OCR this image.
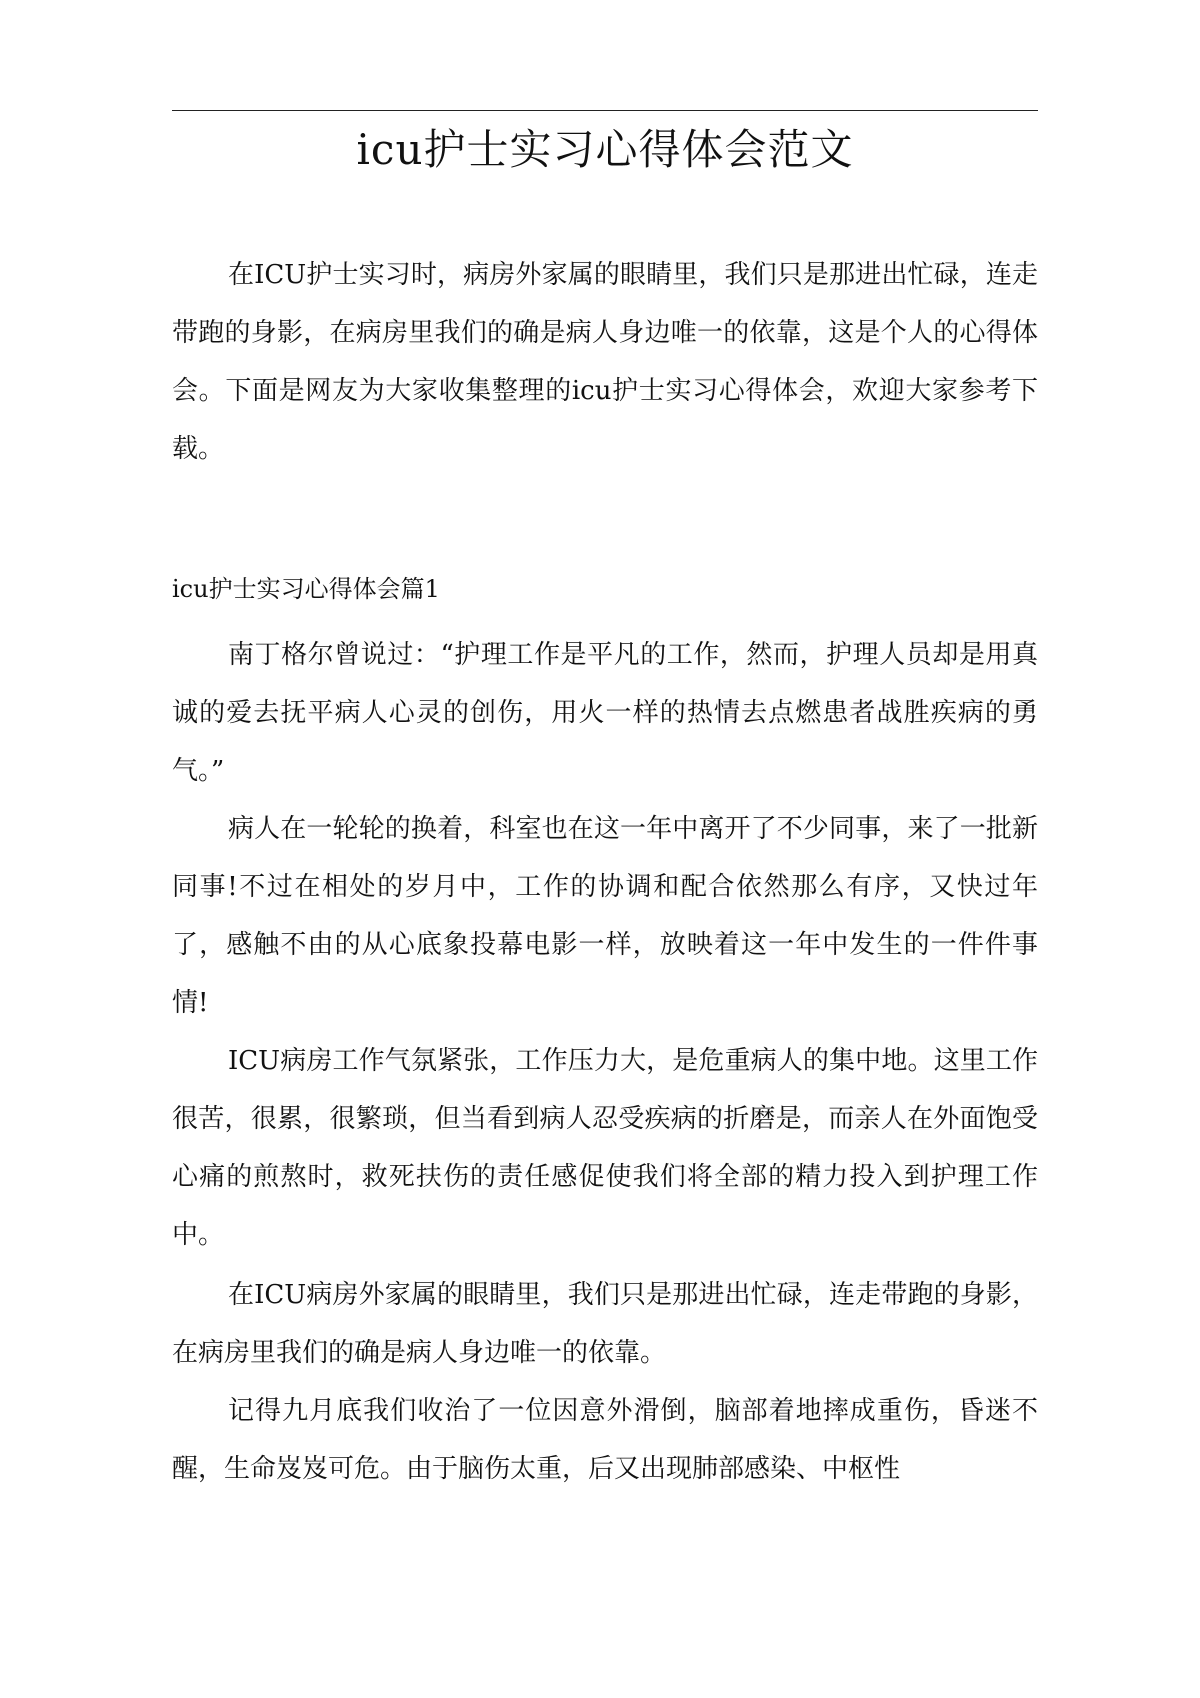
icu护士实习心得体会范文

在ICU护士实习时，病房外家属的眼睛里，我们只是那进出忙碌，连走带跑的身影，在病房里我们的确是病人身边唯一的依靠，这是个人的心得体会。下面是网友为大家收集整理的icu护士实习心得体会，欢迎大家参考下载。

icu护士实习心得体会篇1

南丁格尔曾说过：“护理工作是平凡的工作，然而，护理人员却是用真诚的爱去抚平病人心灵的创伤，用火一样的热情去点燃患者战胜疾病的勇气。”

病人在一轮轮的换着，科室也在这一年中离开了不少同事，来了一批新同事!不过在相处的岁月中，工作的协调和配合依然那么有序，又快过年了，感触不由的从心底象投幕电影一样，放映着这一年中发生的一件件事情!

ICU病房工作气氛紧张，工作压力大，是危重病人的集中地。这里工作很苦，很累，很繁琐，但当看到病人忍受疾病的折磨是，而亲人在外面饱受心痛的煎熬时，救死扶伤的责任感促使我们将全部的精力投入到护理工作中。

在ICU病房外家属的眼睛里，我们只是那进出忙碌，连走带跑的身影，在病房里我们的确是病人身边唯一的依靠。

记得九月底我们收治了一位因意外滑倒，脑部着地摔成重伤，昏迷不醒，生命岌岌可危。由于脑伤太重，后又出现肺部感染、中枢性
